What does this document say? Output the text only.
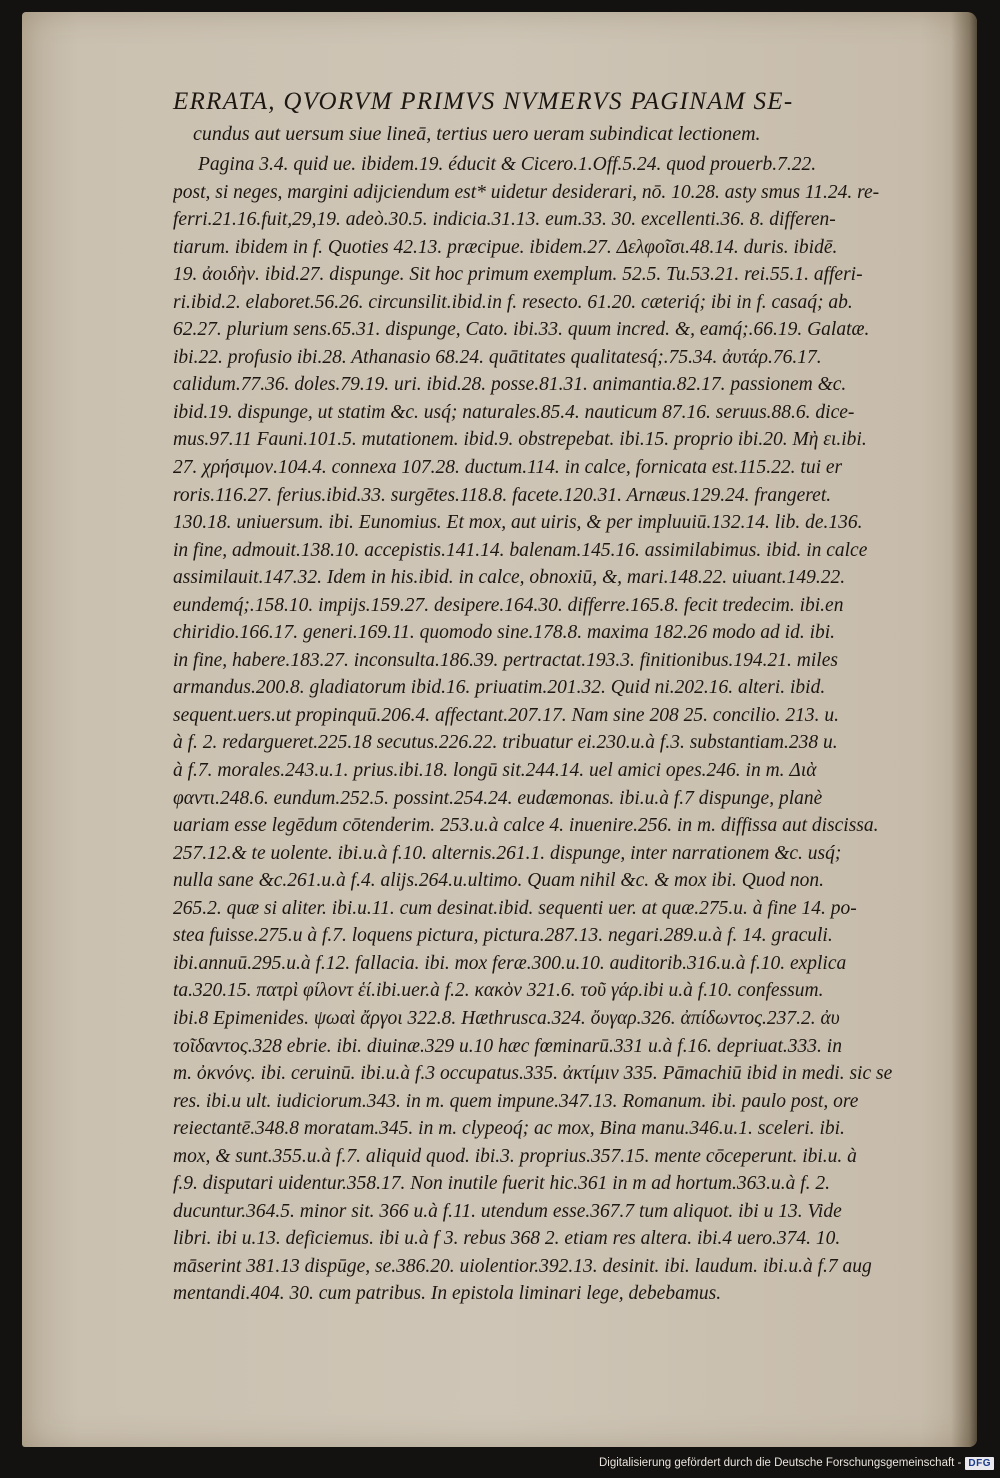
ERRATA, QVORVM PRIMVS NVMERVS PAGINAM SE-
cundus aut uersum siue lineā, tertius uero ueram subindicat lectionem.
Pagina 3.4. quid ue. ibidem.19. éducit & Cicero.1.Off.5.24. quod prouerb.7.22.
post, si neges, margini adijciendum est* uidetur desiderari, nō. 10.28. asty smus 11.24. re-
ferri.21.16.fuit,29,19. adeò.30.5. indicia.31.13. eum.33. 30. excellenti.36. 8. differen-
tiarum. ibidem in f. Quoties 42.13. præcipue. ibidem.27. Δελφοῖσι.48.14. duris. ibidē.
19. ἀοιδὴν. ibid.27. dispunge. Sit hoc primum exemplum. 52.5. Tu.53.21. rei.55.1. afferi-
ri.ibid.2. elaboret.56.26. circunsilit.ibid.in f. resecto. 61.20. cæteriq́; ibi in f. casaq́; ab.
62.27. plurium sens.65.31. dispunge, Cato. ibi.33. quum incred. &, eamq́;.66.19. Galatæ.
ibi.22. profusio ibi.28. Athanasio 68.24. quātitates qualitatesq́;.75.34. ἀυτάρ.76.17.
calidum.77.36. doles.79.19. uri. ibid.28. posse.81.31. animantia.82.17. passionem &c.
ibid.19. dispunge, ut statim &c. usq́; naturales.85.4. nauticum 87.16. seruus.88.6. dice-
mus.97.11 Fauni.101.5. mutationem. ibid.9. obstrepebat. ibi.15. proprio ibi.20. Μὴ ει.ibi.
27. χρήσιμον.104.4. connexa 107.28. ductum.114. in calce, fornicata est.115.22. tui er
roris.116.27. ferius.ibid.33. surgētes.118.8. facete.120.31. Arnæus.129.24. frangeret.
130.18. uniuersum. ibi. Eunomius. Et mox, aut uiris, & per impluuiū.132.14. lib. de.136.
in fine, admouit.138.10. accepistis.141.14. balenam.145.16. assimilabimus. ibid. in calce
assimilauit.147.32. Idem in his.ibid. in calce, obnoxiū, &, mari.148.22. uiuant.149.22.
eundemq́;.158.10. impijs.159.27. desipere.164.30. differre.165.8. fecit tredecim. ibi.en
chiridio.166.17. generi.169.11. quomodo sine.178.8. maxima 182.26 modo ad id. ibi.
in fine, habere.183.27. inconsulta.186.39. pertractat.193.3. finitionibus.194.21. miles
armandus.200.8. gladiatorum ibid.16. priuatim.201.32. Quid ni.202.16. alteri. ibid.
sequent.uers.ut propinquū.206.4. affectant.207.17. Nam sine 208 25. concilio. 213. u.
à f. 2. redargueret.225.18 secutus.226.22. tribuatur ei.230.u.à f.3. substantiam.238 u.
à f.7. morales.243.u.1. prius.ibi.18. longū sit.244.14. uel amici opes.246. in m. Διὰ
φαντι.248.6. eundum.252.5. possint.254.24. eudæmonas. ibi.u.à f.7 dispunge, planè
uariam esse legēdum cōtenderim. 253.u.à calce 4. inuenire.256. in m. diffissa aut discissa.
257.12.& te uolente. ibi.u.à f.10. alternis.261.1. dispunge, inter narrationem &c. usq́;
nulla sane &c.261.u.à f.4. alijs.264.u.ultimo. Quam nihil &c. & mox ibi. Quod non.
265.2. quæ si aliter. ibi.u.11. cum desinat.ibid. sequenti uer. at quæ.275.u. à fine 14. po-
stea fuisse.275.u à f.7. loquens pictura, pictura.287.13. negari.289.u.à f. 14. graculi.
ibi.annuū.295.u.à f.12. fallacia. ibi. mox feræ.300.u.10. auditorib.316.u.à f.10. explica
ta.320.15. πατρὶ φίλοντ ἑί.ibi.uer.à f.2. κακὸν 321.6. τοῦ γάρ.ibi u.à f.10. confessum.
ibi.8 Epimenides. ψωαὶ ἄργοι 322.8. Hæthrusca.324. ὄυγαρ.326. ἀπίδωντος.237.2. ἀυ
τοῖδαντος.328 ebrie. ibi. diuinæ.329 u.10 hæc fœminarū.331 u.à f.16. depriuat.333. in
m. ὀκνόνς. ibi. ceruinū. ibi.u.à f.3 occupatus.335. ἀκτίμιν 335. Pāmachiū ibid in medi. sic se
res. ibi.u ult. iudiciorum.343. in m. quem impune.347.13. Romanum. ibi. paulo post, ore
reiectantē.348.8 moratam.345. in m. clypeoq́; ac mox, Bina manu.346.u.1. sceleri. ibi.
mox, & sunt.355.u.à f.7. aliquid quod. ibi.3. proprius.357.15. mente cōceperunt. ibi.u. à
f.9. disputari uidentur.358.17. Non inutile fuerit hic.361 in m ad hortum.363.u.à f. 2.
ducuntur.364.5. minor sit. 366 u.à f.11. utendum esse.367.7 tum aliquot. ibi u 13. Vide
libri. ibi u.13. deficiemus. ibi u.à f 3. rebus 368 2. etiam res altera. ibi.4 uero.374. 10.
māserint 381.13 dispūge, se.386.20. uiolentior.392.13. desinit. ibi. laudum. ibi.u.à f.7 aug
mentandi.404. 30. cum patribus. In epistola liminari lege, debebamus.
Digitalisierung gefördert durch die Deutsche Forschungsgemeinschaft - DFG
